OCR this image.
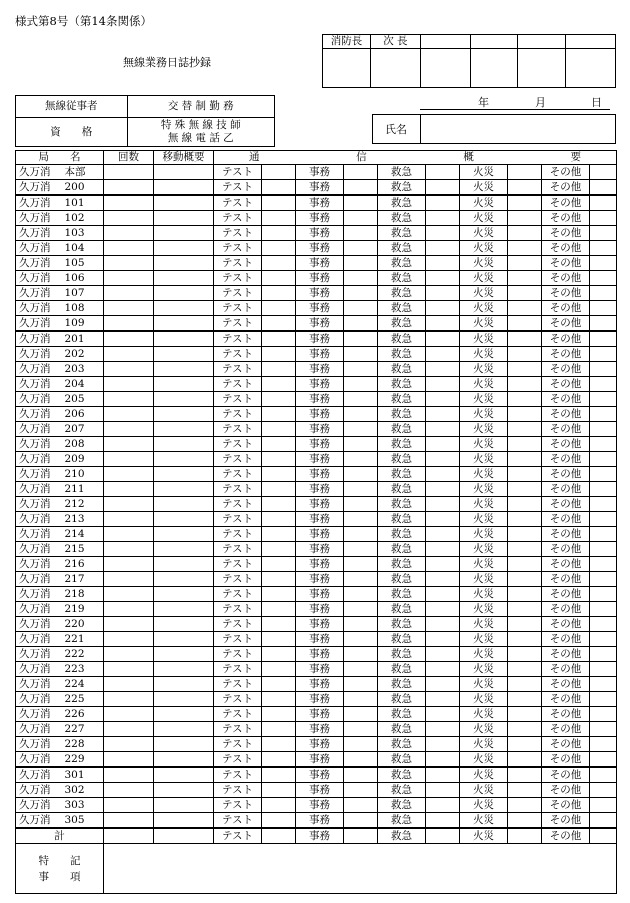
様式第8号（第14条関係）
無線業務日誌抄録
消防長	次 長				

無線従事者	交 替 制 勤 務
資　　格	特 殊 無 線 技 師
無 線 電 話 乙
年	月	日
氏名
局　　名	回数	移動概要	通 信 概 要									

久万消 本部			テスト		事務		救急		火災		その他	
久万消 200			テスト		事務		救急		火災		その他	
久万消 101			テスト		事務		救急		火災		その他	
久万消 102			テスト		事務		救急		火災		その他	
久万消 103			テスト		事務		救急		火災		その他	
久万消 104			テスト		事務		救急		火災		その他	
久万消 105			テスト		事務		救急		火災		その他	
久万消 106			テスト		事務		救急		火災		その他	
久万消 107			テスト		事務		救急		火災		その他	
久万消 108			テスト		事務		救急		火災		その他	
久万消 109			テスト		事務		救急		火災		その他	
久万消 201			テスト		事務		救急		火災		その他	
久万消 202			テスト		事務		救急		火災		その他	
久万消 203			テスト		事務		救急		火災		その他	
久万消 204			テスト		事務		救急		火災		その他	
久万消 205			テスト		事務		救急		火災		その他	
久万消 206			テスト		事務		救急		火災		その他	
久万消 207			テスト		事務		救急		火災		その他	
久万消 208			テスト		事務		救急		火災		その他	
久万消 209			テスト		事務		救急		火災		その他	
久万消 210			テスト		事務		救急		火災		その他	
久万消 211			テスト		事務		救急		火災		その他	
久万消 212			テスト		事務		救急		火災		その他	
久万消 213			テスト		事務		救急		火災		その他	
久万消 214			テスト		事務		救急		火災		その他	
久万消 215			テスト		事務		救急		火災		その他	
久万消 216			テスト		事務		救急		火災		その他	
久万消 217			テスト		事務		救急		火災		その他	
久万消 218			テスト		事務		救急		火災		その他	
久万消 219			テスト		事務		救急		火災		その他	
久万消 220			テスト		事務		救急		火災		その他	
久万消 221			テスト		事務		救急		火災		その他	
久万消 222			テスト		事務		救急		火災		その他	
久万消 223			テスト		事務		救急		火災		その他	
久万消 224			テスト		事務		救急		火災		その他	
久万消 225			テスト		事務		救急		火災		その他	
久万消 226			テスト		事務		救急		火災		その他	
久万消 227			テスト		事務		救急		火災		その他	
久万消 228			テスト		事務		救急		火災		その他	
久万消 229			テスト		事務		救急		火災		その他	
久万消 301			テスト		事務		救急		火災		その他	
久万消 302			テスト		事務		救急		火災		その他	
久万消 303			テスト		事務		救急		火災		その他	
久万消 305			テスト		事務		救急		火災		その他	
計			テスト		事務		救急		火災		その他	

特　　記
事　　項												
